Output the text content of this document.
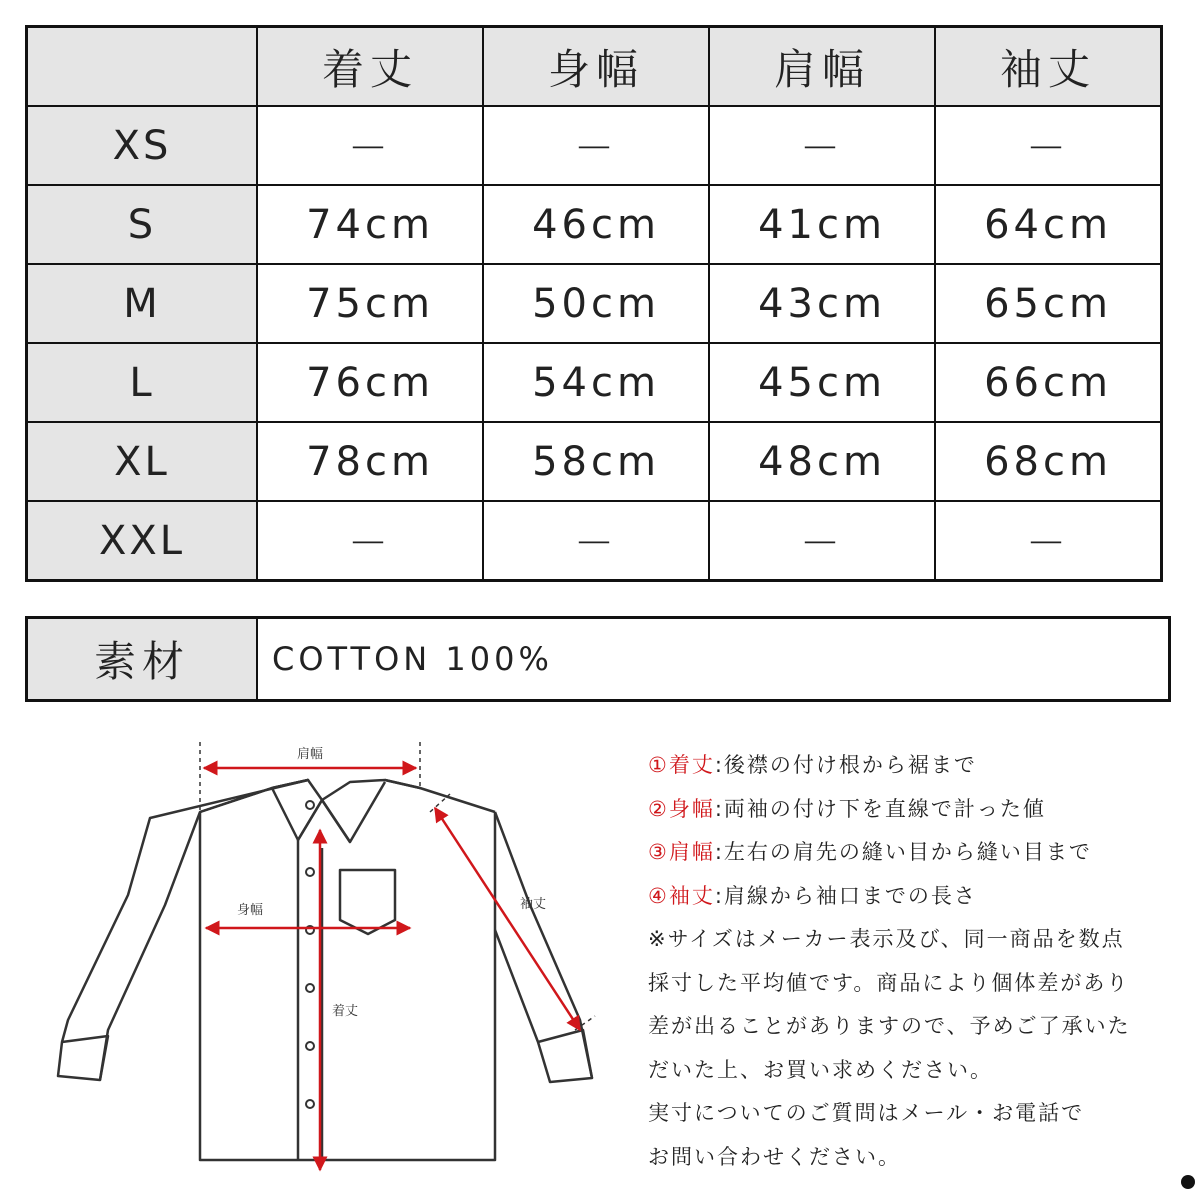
	着丈	身幅	肩幅	袖丈
XS	－	－	－	－
S	74cm	46cm	41cm	64cm
M	75cm	50cm	43cm	65cm
L	76cm	54cm	45cm	66cm
XL	78cm	58cm	48cm	68cm
XXL	－	－	－	－
素材	COTTON 100%
肩幅
身幅
着丈
袖丈
①着丈:後襟の付け根から裾まで
②身幅:両袖の付け下を直線で計った値
③肩幅:左右の肩先の縫い目から縫い目まで
④袖丈:肩線から袖口までの長さ
※サイズはメーカー表示及び、同一商品を数点
採寸した平均値です。商品により個体差があり
差が出ることがありますので、予めご了承いた
だいた上、お買い求めください。
実寸についてのご質問はメール・お電話で
お問い合わせください。
